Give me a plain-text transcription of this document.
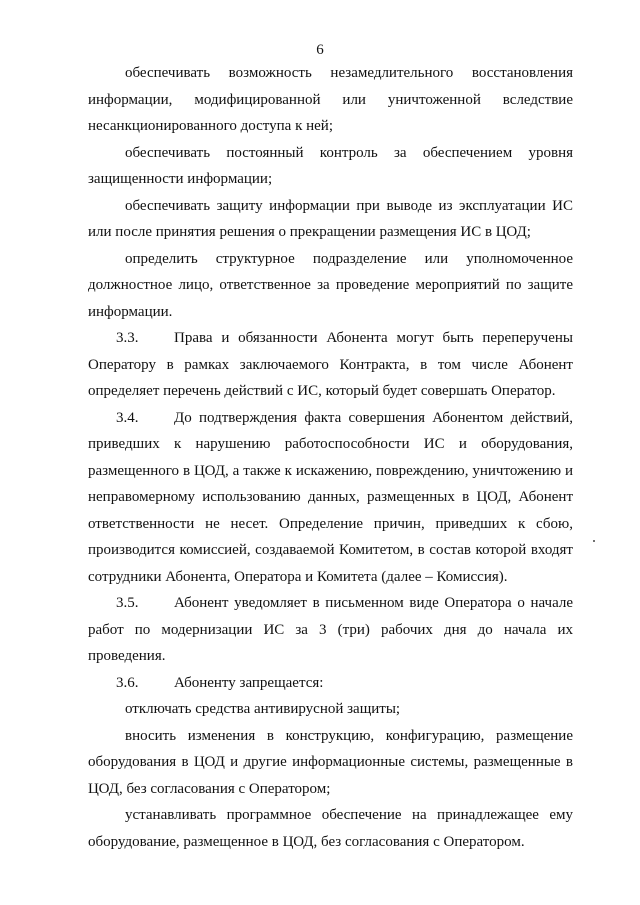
6

обеспечивать возможность незамедлительного восстановления информации, модифицированной или уничтоженной вследствие несанкционированного доступа к ней;

обеспечивать постоянный контроль за обеспечением уровня защищенности информации;

обеспечивать защиту информации при выводе из эксплуатации ИС или после принятия решения о прекращении размещения ИС в ЦОД;

определить структурное подразделение или уполномоченное должностное лицо, ответственное за проведение мероприятий по защите информации.

3.3. Права и обязанности Абонента могут быть переперучены Оператору в рамках заключаемого Контракта, в том числе Абонент определяет перечень действий с ИС, который будет совершать Оператор.

3.4. До подтверждения факта совершения Абонентом действий, приведших к нарушению работоспособности ИС и оборудования, размещенного в ЦОД, а также к искажению, повреждению, уничтожению и неправомерному использованию данных, размещенных в ЦОД, Абонент ответственности не несет. Определение причин, приведших к сбою, производится комиссией, создаваемой Комитетом, в состав которой входят сотрудники Абонента, Оператора и Комитета (далее – Комиссия).

3.5. Абонент уведомляет в письменном виде Оператора о начале работ по модернизации ИС за 3 (три) рабочих дня до начала их проведения.

3.6. Абоненту запрещается:

отключать средства антивирусной защиты;

вносить изменения в конструкцию, конфигурацию, размещение оборудования в ЦОД и другие информационные системы, размещенные в ЦОД, без согласования с Оператором;

устанавливать программное обеспечение на принадлежащее ему оборудование, размещенное в ЦОД, без согласования с Оператором.
